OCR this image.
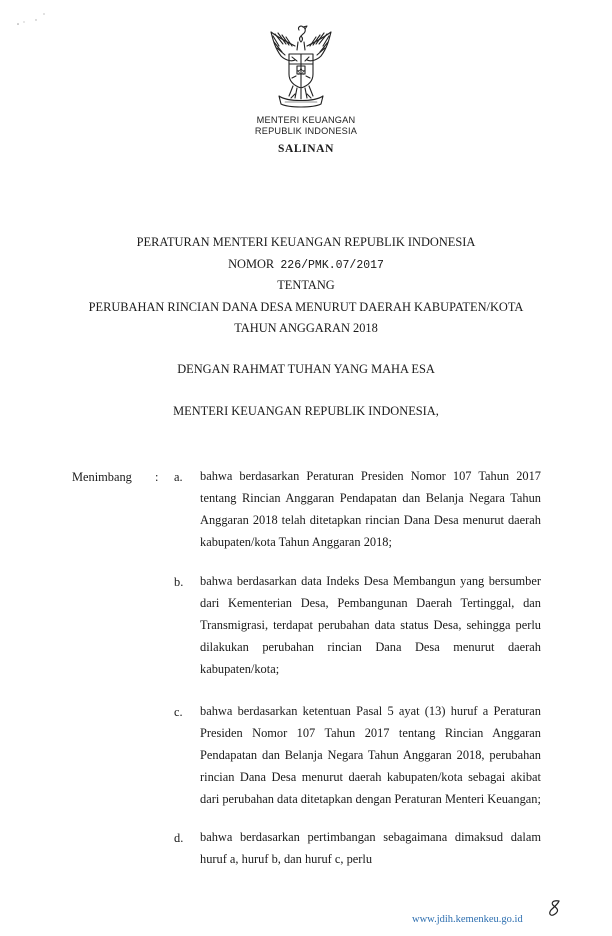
MENTERI KEUANGAN
REPUBLIK INDONESIA
SALINAN
PERATURAN MENTERI KEUANGAN REPUBLIK INDONESIA
NOMOR 226/PMK.07/2017
TENTANG
PERUBAHAN RINCIAN DANA DESA MENURUT DAERAH KABUPATEN/KOTA
TAHUN ANGGARAN 2018
DENGAN RAHMAT TUHAN YANG MAHA ESA
MENTERI KEUANGAN REPUBLIK INDONESIA,
Menimbang : a. bahwa berdasarkan Peraturan Presiden Nomor 107 Tahun 2017 tentang Rincian Anggaran Pendapatan dan Belanja Negara Tahun Anggaran 2018 telah ditetapkan rincian Dana Desa menurut daerah kabupaten/kota Tahun Anggaran 2018;
b. bahwa berdasarkan data Indeks Desa Membangun yang bersumber dari Kementerian Desa, Pembangunan Daerah Tertinggal, dan Transmigrasi, terdapat perubahan data status Desa, sehingga perlu dilakukan perubahan rincian Dana Desa menurut daerah kabupaten/kota;
c. bahwa berdasarkan ketentuan Pasal 5 ayat (13) huruf a Peraturan Presiden Nomor 107 Tahun 2017 tentang Rincian Anggaran Pendapatan dan Belanja Negara Tahun Anggaran 2018, perubahan rincian Dana Desa menurut daerah kabupaten/kota sebagai akibat dari perubahan data ditetapkan dengan Peraturan Menteri Keuangan;
d. bahwa berdasarkan pertimbangan sebagaimana dimaksud dalam huruf a, huruf b, dan huruf c, perlu
www.jdih.kemenkeu.go.id
